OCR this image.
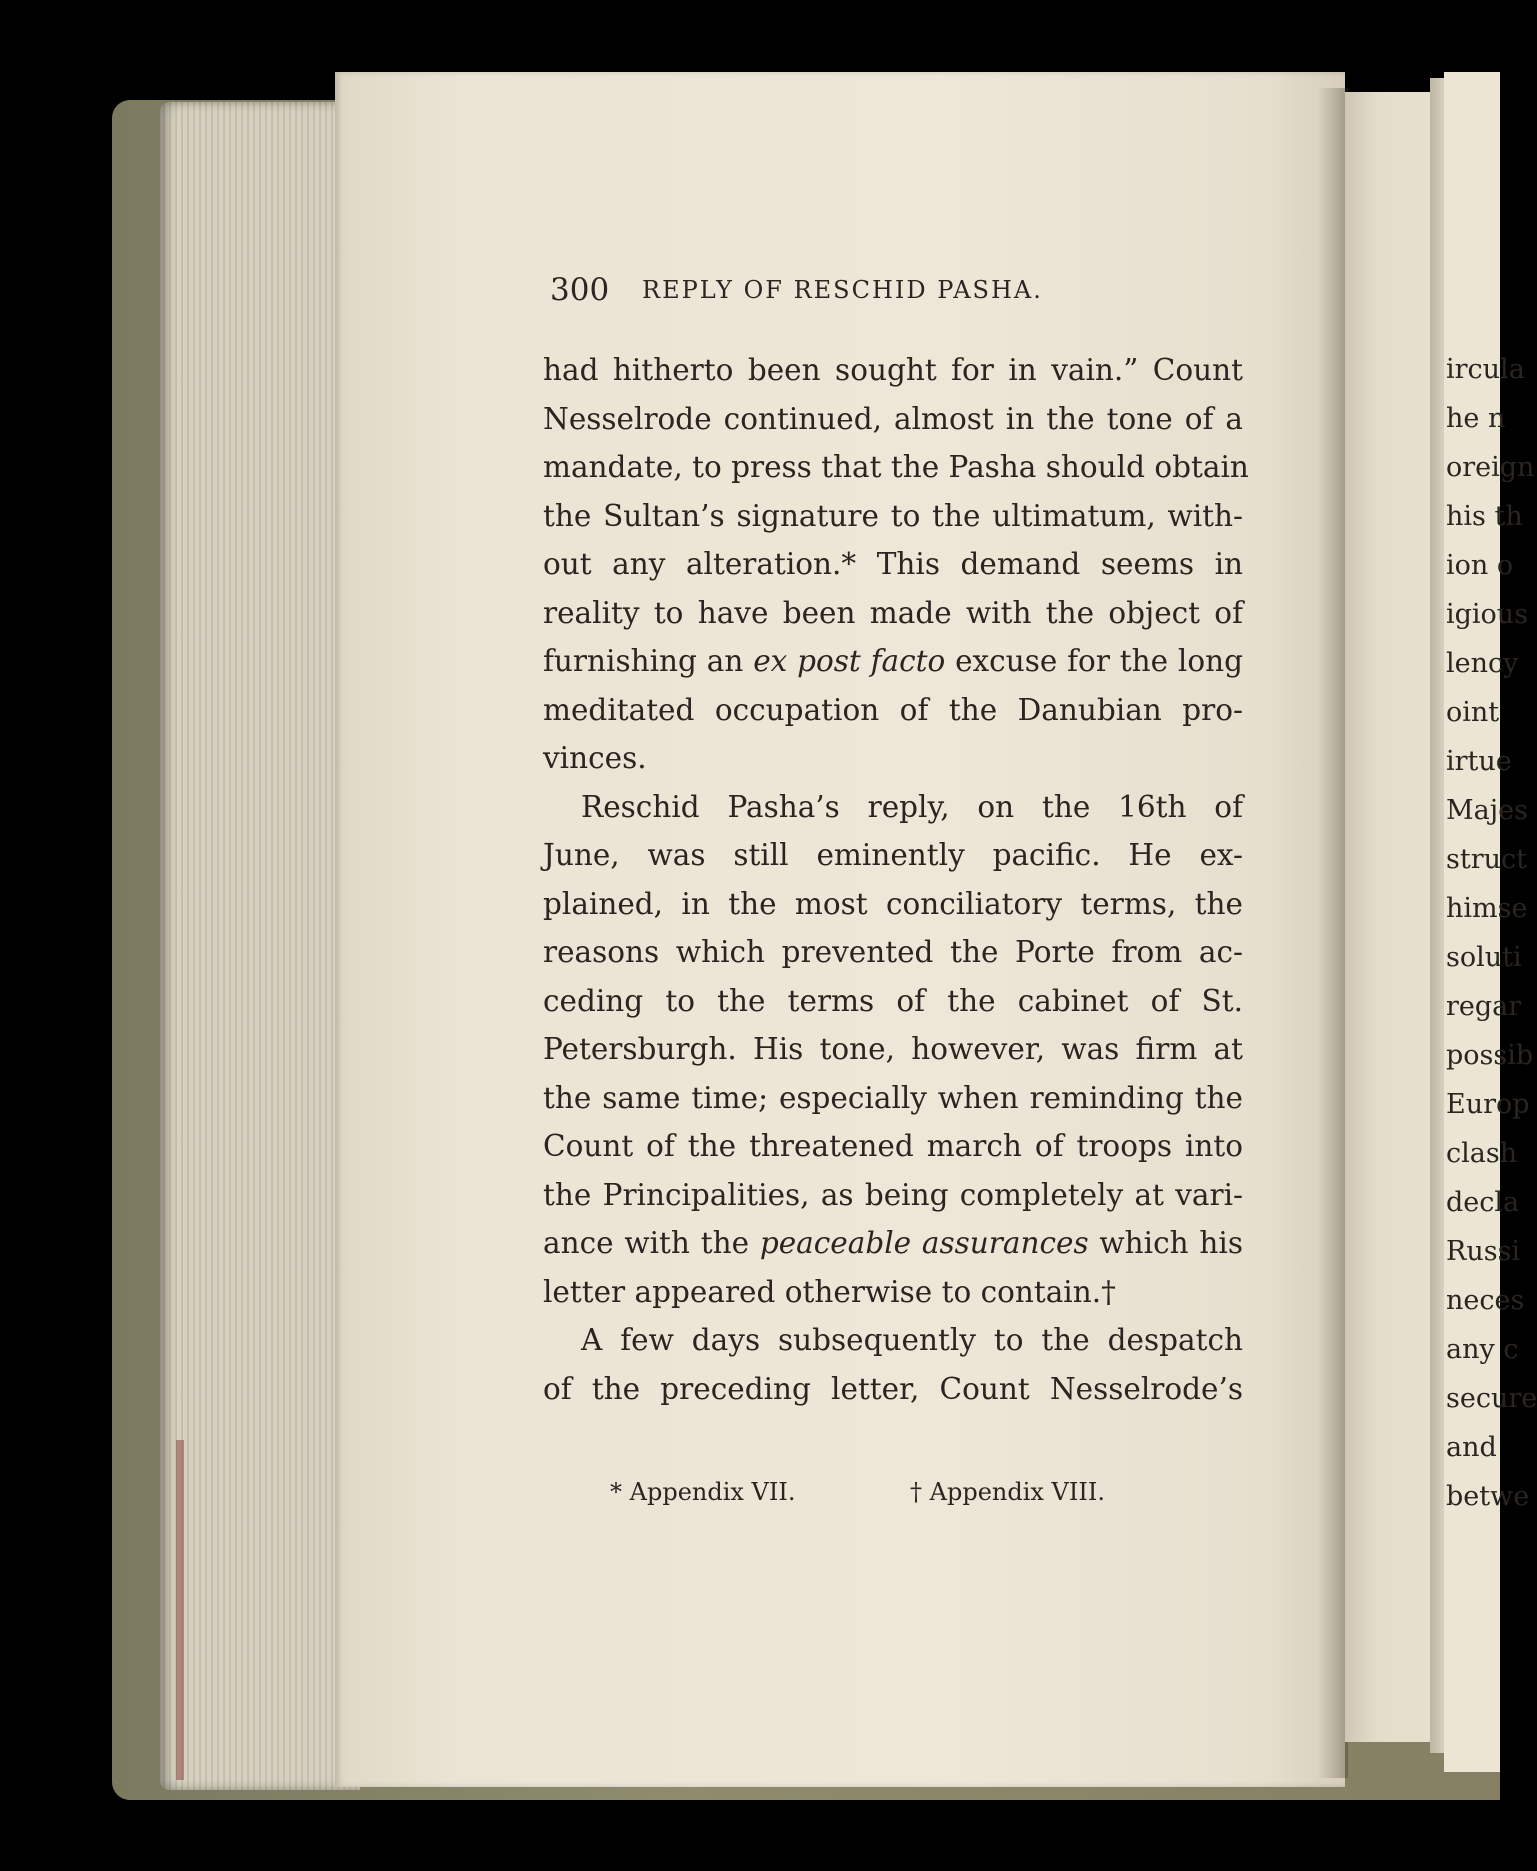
ircula
he n
oreign
his th
ion o
igious
lency
oint
irtue
Majes
struct
himse
soluti
regar
possib
Europ
clash
decla
Russi
neces
any c
secure
and
betwe
300 REPLY OF RESCHID PASHA.
had hitherto been sought for in vain.” Count
Nesselrode continued, almost in the tone of a
mandate, to press that the Pasha should obtain
the Sultan’s signature to the ultimatum, with-
out any alteration.* This demand seems in
reality to have been made with the object of
furnishing an ex post facto excuse for the long
meditated occupation of the Danubian pro-
vinces.
Reschid Pasha’s reply, on the 16th of
June, was still eminently pacific. He ex-
plained, in the most conciliatory terms, the
reasons which prevented the Porte from ac-
ceding to the terms of the cabinet of St.
Petersburgh. His tone, however, was firm at
the same time; especially when reminding the
Count of the threatened march of troops into
the Principalities, as being completely at vari-
ance with the peaceable assurances which his
letter appeared otherwise to contain.†
A few days subsequently to the despatch
of the preceding letter, Count Nesselrode’s
* Appendix VII.	† Appendix VIII.
